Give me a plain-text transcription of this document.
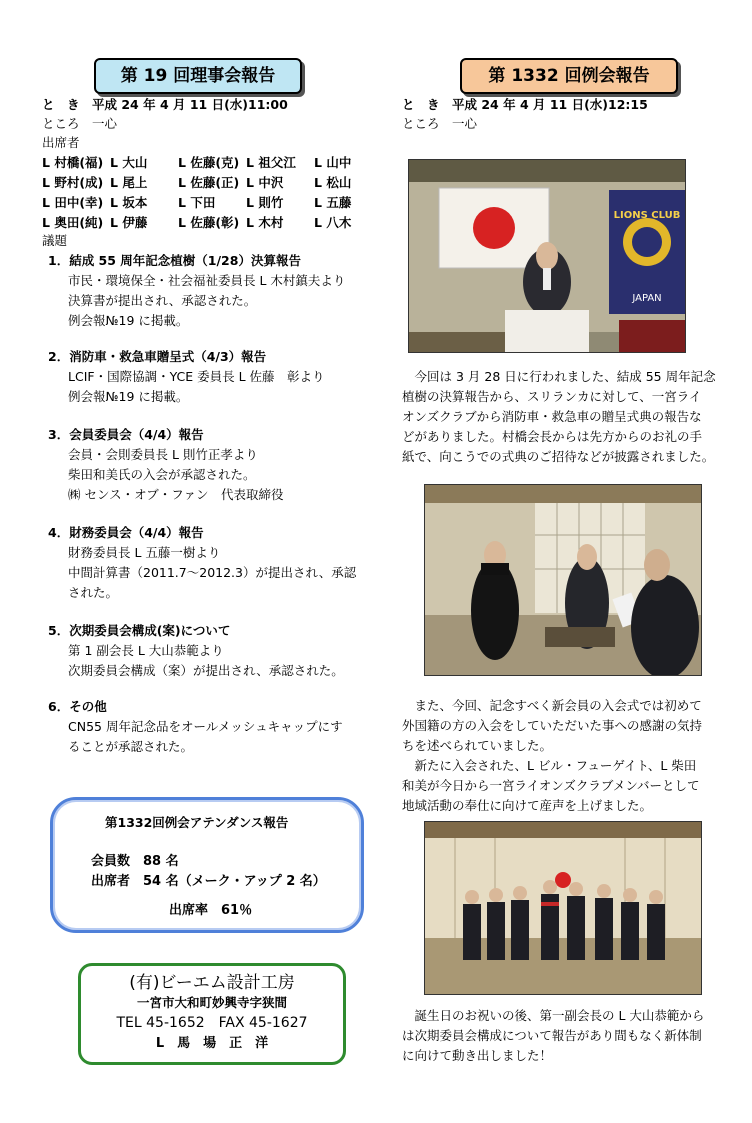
第 19 回理事会報告
と　き　平成 24 年 4 月 11 日(水)11:00
ところ　一心
出席者
L 村橋(福) L 大山	L 佐藤(克) L 祖父江	L 山中
L 野村(成) L 尾上	L 佐藤(正) L 中沢	L 松山
L 田中(幸) L 坂本	L 下田	L 則竹	L 五藤
L 奥田(純) L 伊藤	L 佐藤(彰) L 木村	L 八木
議題
1．結成 55 周年記念植樹（1/28）決算報告
市民・環境保全・社会福祉委員長 L 木村鎮夫より
決算書が提出され、承認された。
例会報№19 に掲載。
2．消防車・救急車贈呈式（4/3）報告
LCIF・国際協調・YCE 委員長 L 佐藤　彰より
例会報№19 に掲載。
3．会員委員会（4/4）報告
会員・会則委員長 L 則竹正孝より
柴田和美氏の入会が承認された。
㈱ センス・オブ・ファン　代表取締役
4．財務委員会（4/4）報告
財務委員長 L 五藤一樹より
中間計算書（2011.7～2012.3）が提出され、承認
された。
5．次期委員会構成(案)について
第 1 副会長 L 大山恭範より
次期委員会構成（案）が提出され、承認された。
6．その他
CN55 周年記念品をオールメッシュキャップにす
ることが承認された。
第1332回例会アテンダンス報告
会員数　88 名
出席者　54 名（メーク・アップ 2 名）
出席率　61％
(有)ビーエム設計工房
一宮市大和町妙興寺字狭間
TEL 45-1652　FAX 45-1627
L　馬　場　正　洋
第 1332 回例会報告
と　き　平成 24 年 4 月 11 日(水)12:15
ところ　一心
LIONS CLUB
JAPAN
　今回は 3 月 28 日に行われました、結成 55 周年記念
植樹の決算報告から、スリランカに対して、一宮ライ
オンズクラブから消防車・救急車の贈呈式典の報告な
どがありました。村橋会長からは先方からのお礼の手
紙で、向こうでの式典のご招待などが披露されました。
　また、今回、記念すべく新会員の入会式では初めて
外国籍の方の入会をしていただいた事への感謝の気持
ちを述べられていました。
　新たに入会された、L ビル・フューゲイト、L 柴田
和美が今日から一宮ライオンズクラブメンバーとして
地域活動の奉仕に向けて産声を上げました。
　誕生日のお祝いの後、第一副会長の L 大山恭範から
は次期委員会構成について報告があり間もなく新体制
に向けて動き出しました！
